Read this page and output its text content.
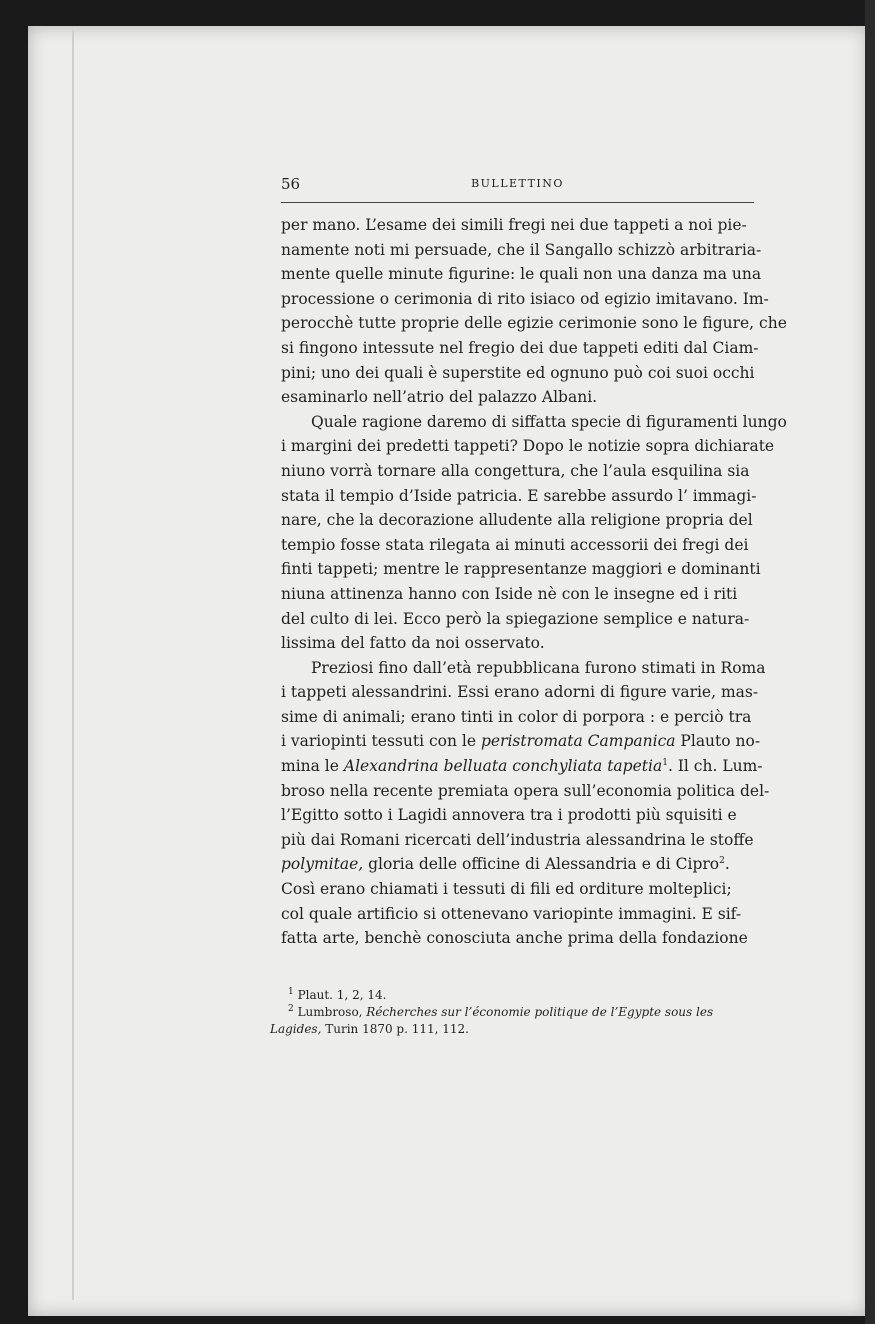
56	BULLETTINO

per mano. L’esame dei simili fregi nei due tappeti a noi pie-
namente noti mi persuade, che il Sangallo schizzò arbitraria-
mente quelle minute figurine: le quali non una danza ma una
processione o cerimonia di rito isiaco od egizio imitavano. Im-
perocchè tutte proprie delle egizie cerimonie sono le figure, che
si fingono intessute nel fregio dei due tappeti editi dal Ciam-
pini; uno dei quali è superstite ed ognuno può coi suoi occhi
esaminarlo nell’atrio del palazzo Albani.

Quale ragione daremo di siffatta specie di figuramenti lungo
i margini dei predetti tappeti? Dopo le notizie sopra dichiarate
niuno vorrà tornare alla congettura, che l’aula esquilina sia
stata il tempio d’Iside patricia. E sarebbe assurdo l’ immagi-
nare, che la decorazione alludente alla religione propria del
tempio fosse stata rilegata ai minuti accessorii dei fregi dei
finti tappeti; mentre le rappresentanze maggiori e dominanti
niuna attinenza hanno con Iside nè con le insegne ed i riti
del culto di lei. Ecco però la spiegazione semplice e natura-
lissima del fatto da noi osservato.

Preziosi fino dall’età repubblicana furono stimati in Roma
i tappeti alessandrini. Essi erano adorni di figure varie, mas-
sime di animali; erano tinti in color di porpora : e perciò tra
i variopinti tessuti con le peristromata Campanica Plauto no-
mina le Alexandrina belluata conchyliata tapetia$^1$. Il ch. Lum-
broso nella recente premiata opera sull’economia politica del-
l’Egitto sotto i Lagidi annovera tra i prodotti più squisiti e
più dai Romani ricercati dell’industria alessandrina le stoffe
polymitae, gloria delle officine di Alessandria e di Cipro$^2$.
Così erano chiamati i tessuti di fili ed orditure molteplici;
col quale artificio si ottenevano variopinte immagini. E sif-
fatta arte, benchè conosciuta anche prima della fondazione

$^1$ Plaut. 1, 2, 14.
$^2$ Lumbroso, Récherches sur l’économie politique de l’Egypte sous les
Lagides, Turin 1870 p. 111, 112.
